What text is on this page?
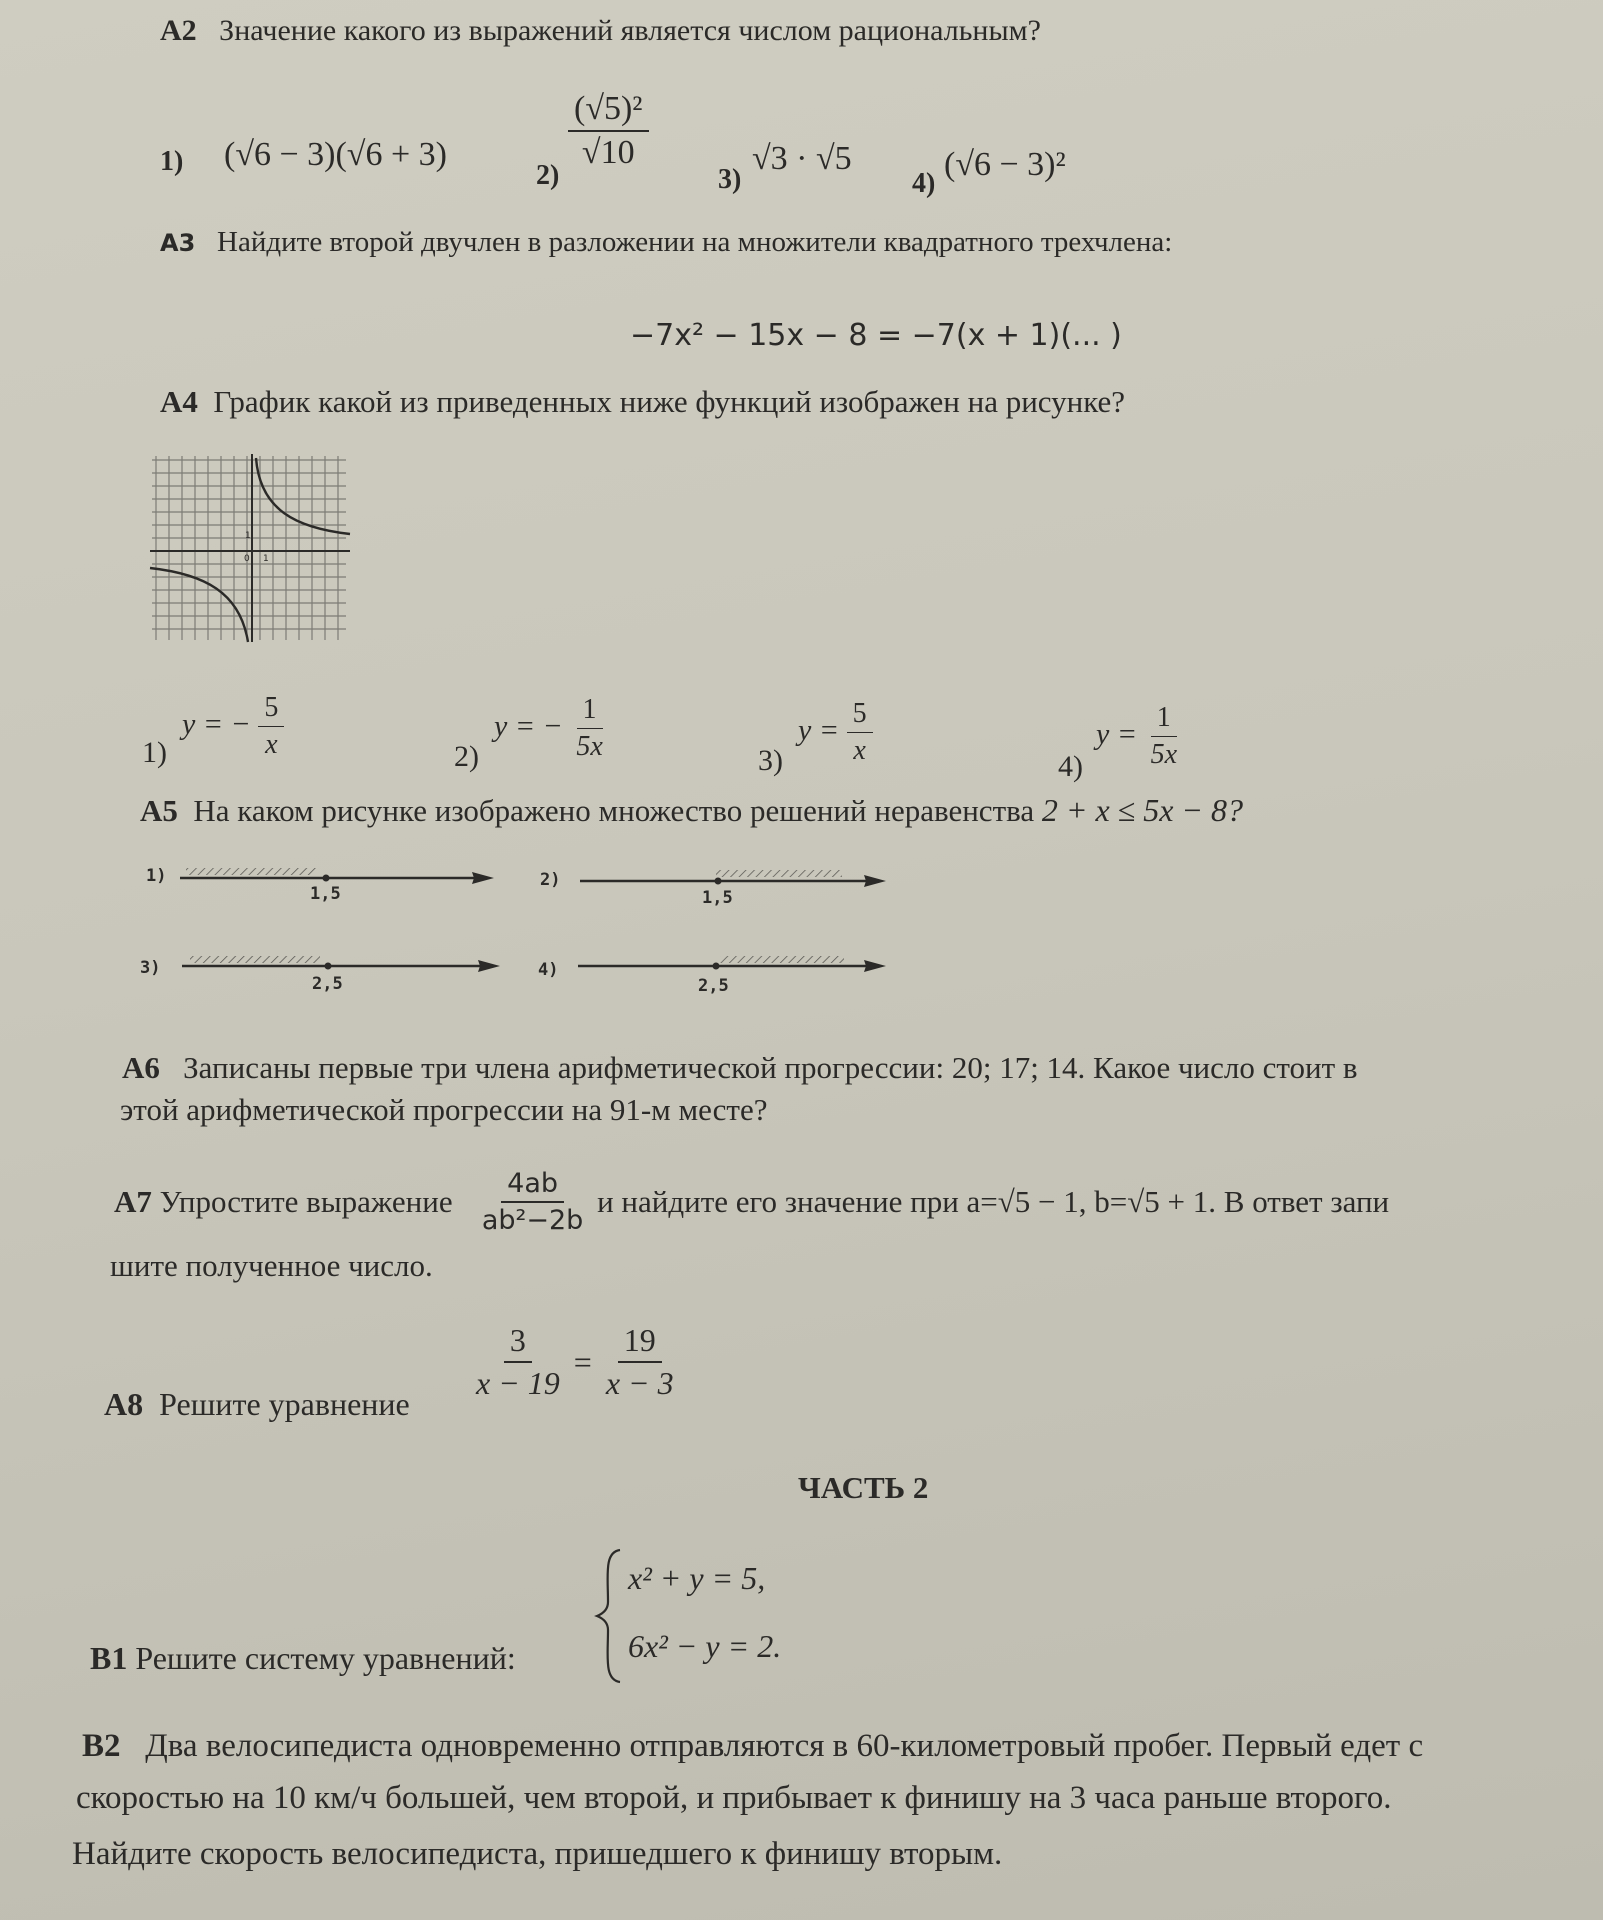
А2 Значение какого из выражений является числом рациональным?
1) (√6 − 3)(√6 + 3)
2)
$\frac{\text{(√5)²}}{√10}$
3)
√3 · √5
4)
(√6 − 3)²
А3 Найдите второй двучлен в разложении на множители квадратного трехчлена:
−7x² − 15x − 8 = −7(x + 1)(... )
А4 График какой из приведенных ниже функций изображен на рисунке?
1
0 1
1)
y = − $\frac{5}{x}$	2)
y = − $\frac{1}{5x}$	3)
$y = \frac{5}{x}$	4)
$y = \frac{1}{5x}$
А5 На каком рисунке изображено множество решений неравенства 2 + x ≤ 5x − 8?
1)
1,5
2)
1,5
3)
2,5
4)
2,5
А6 Записаны первые три члена арифметической прогрессии: 20; 17; 14. Какое число стоит в
этой арифметической прогрессии на 91-м месте?
А7
Упростите выражение
$\frac{4ab}{\text{ab²−2b}}$
и найдите его значение при a=√5 − 1, b=√5 + 1. В ответ запи
шите полученное число.
А8 Решите уравнение
$\frac{3}{x - 19} = \frac{19}{x - 3}$
ЧАСТЬ 2
В1 Решите систему уравнений:
x² + y = 5,
6x² − y = 2.
В2 Два велосипедиста одновременно отправляются в 60-километровый пробег. Первый едет с
скоростью на 10 км/ч большей, чем второй, и прибывает к финишу на 3 часа раньше второго.
Найдите скорость велосипедиста, пришедшего к финишу вторым.
